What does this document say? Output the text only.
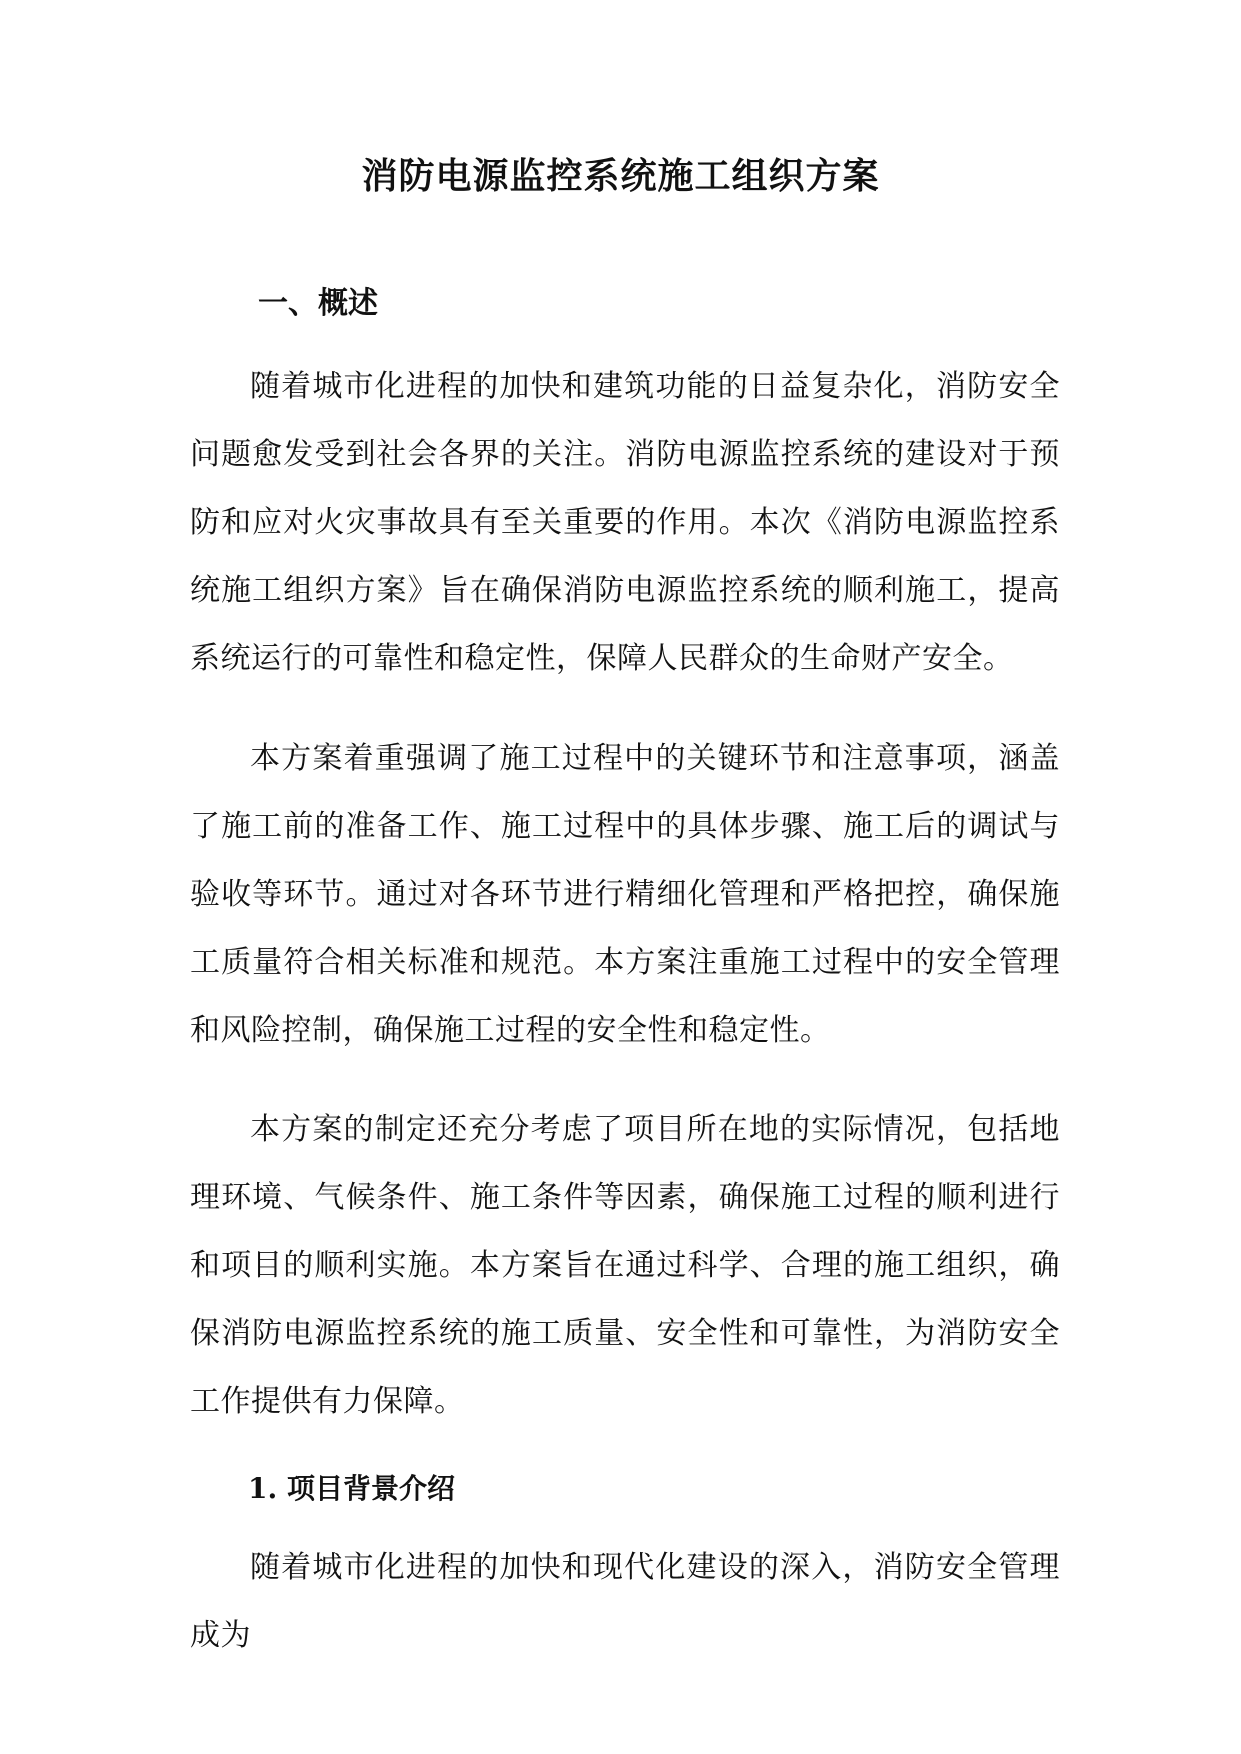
消防电源监控系统施工组织方案
一、概述

随着城市化进程的加快和建筑功能的日益复杂化，消防安全问题愈发受到社会各界的关注。消防电源监控系统的建设对于预防和应对火灾事故具有至关重要的作用。本次《消防电源监控系统施工组织方案》旨在确保消防电源监控系统的顺利施工，提高系统运行的可靠性和稳定性，保障人民群众的生命财产安全。

本方案着重强调了施工过程中的关键环节和注意事项，涵盖了施工前的准备工作、施工过程中的具体步骤、施工后的调试与验收等环节。通过对各环节进行精细化管理和严格把控，确保施工质量符合相关标准和规范。本方案注重施工过程中的安全管理和风险控制，确保施工过程的安全性和稳定性。

本方案的制定还充分考虑了项目所在地的实际情况，包括地理环境、气候条件、施工条件等因素，确保施工过程的顺利进行和项目的顺利实施。本方案旨在通过科学、合理的施工组织，确保消防电源监控系统的施工质量、安全性和可靠性，为消防安全工作提供有力保障。

1. 项目背景介绍

随着城市化进程的加快和现代化建设的深入，消防安全管理成为
